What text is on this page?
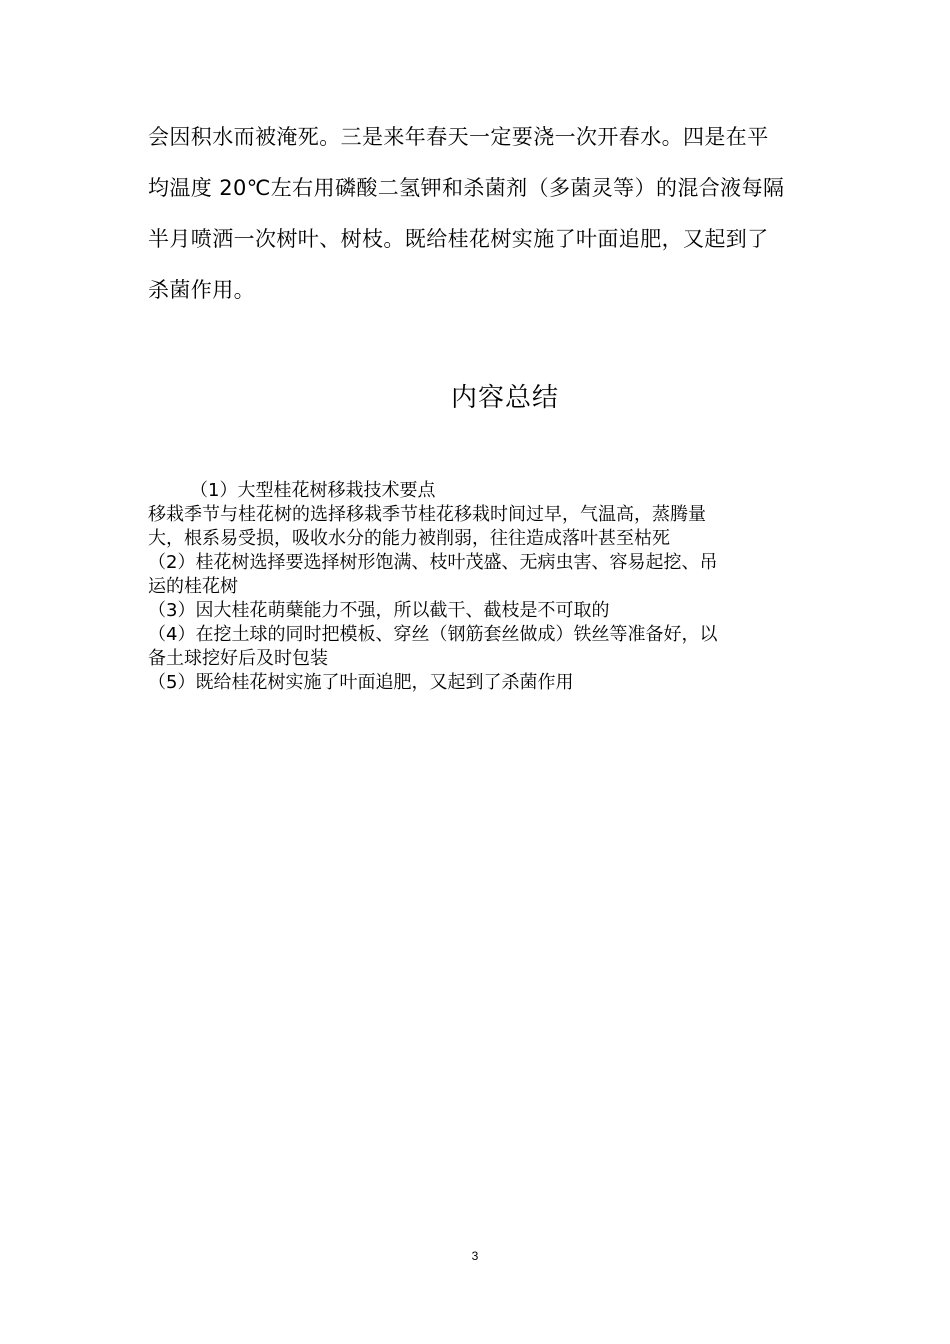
会因积水而被淹死。三是来年春天一定要浇一次开春水。四是在平
均温度 20℃左右用磷酸二氢钾和杀菌剂（多菌灵等）的混合液每隔
半月喷洒一次树叶、树枝。既给桂花树实施了叶面追肥，又起到了
杀菌作用。
内容总结
（1）大型桂花树移栽技术要点
移栽季节与桂花树的选择移栽季节桂花移栽时间过早，气温高，蒸腾量
大，根系易受损，吸收水分的能力被削弱，往往造成落叶甚至枯死
（2）桂花树选择要选择树形饱满、枝叶茂盛、无病虫害、容易起挖、吊
运的桂花树
（3）因大桂花萌蘖能力不强，所以截干、截枝是不可取的
（4）在挖土球的同时把模板、穿丝（钢筋套丝做成）铁丝等准备好，以
备土球挖好后及时包装
（5）既给桂花树实施了叶面追肥，又起到了杀菌作用
3
